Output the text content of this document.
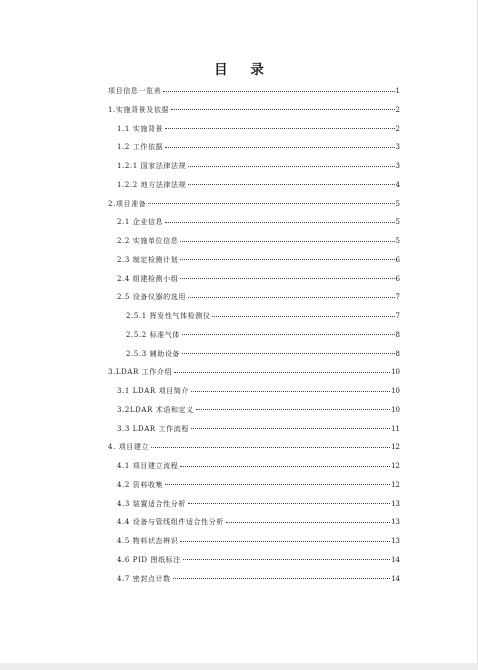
目 录
项目信息一览表	1
1.实施背景及依据	2
1.1 实施背景	2
1.2 工作依据	3
1.2.1 国家法律法规	3
1.2.2 地方法律法规	4
2.项目准备	5
2.1 企业信息	5
2.2 实施单位信息	5
2.3 制定检测计划	6
2.4 组建检测小组	6
2.5 设备仪器的选用	7
2.5.1 挥发性气体检测仪	7
2.5.2 标准气体	8
2.5.3 辅助设备	8
3.LDAR 工作介绍	10
3.1 LDAR 项目简介	10
3.2LDAR 术语和定义	10
3.3 LDAR 工作流程	11
4. 项目建立	12
4.1 项目建立流程	12
4.2 资料收集	12
4.3 装置适合性分析	13
4.4 设备与管线组件适合性分析	13
4.5 物料状态辨识	13
4.6 PID 图纸标注	14
4.7 密封点计数	14
